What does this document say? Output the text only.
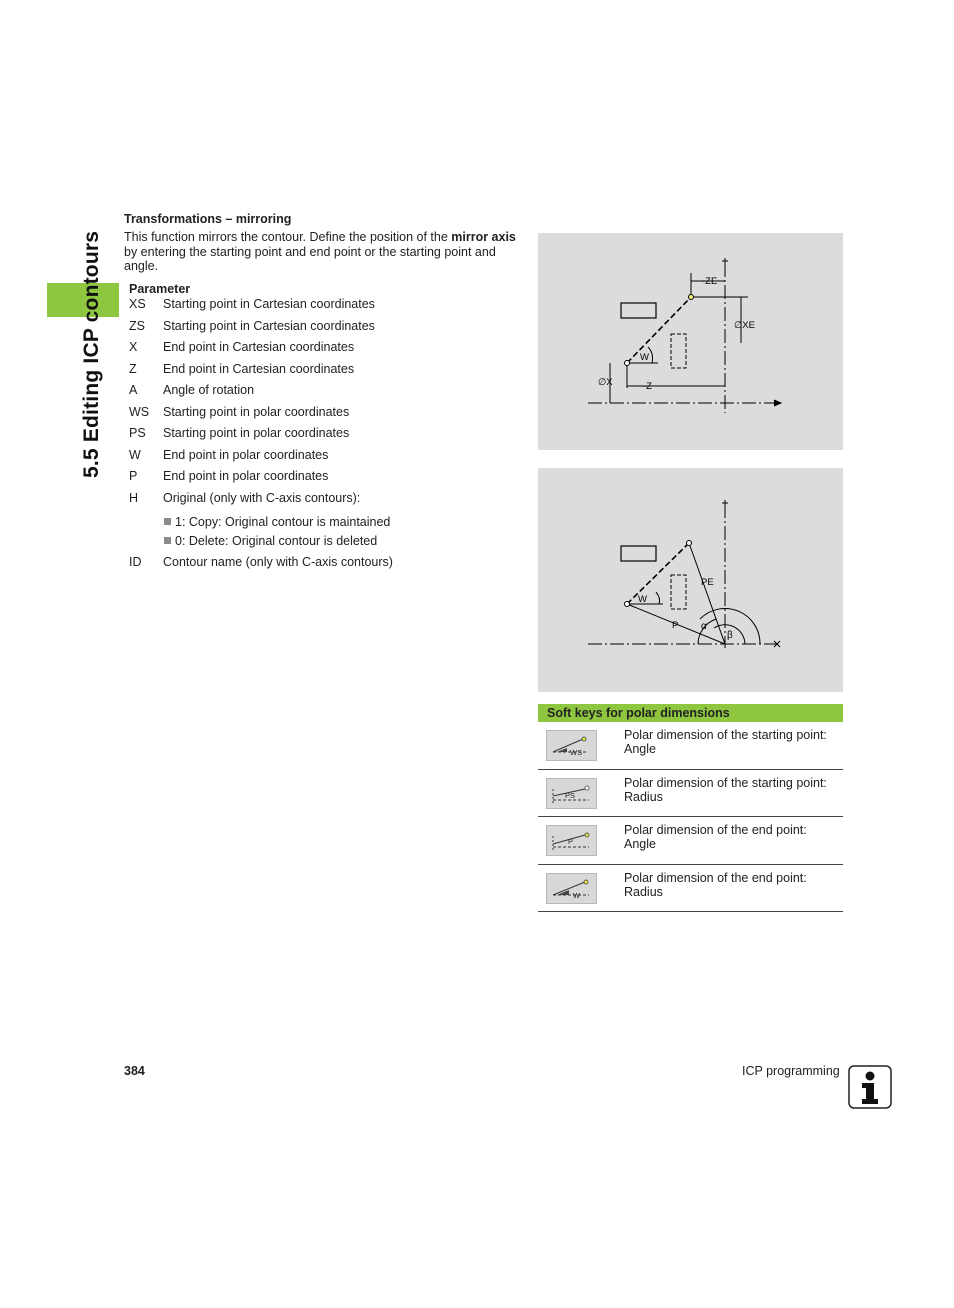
5.5 Editing ICP contours
Transformations – mirroring
This function mirrors the contour. Define the position of the mirror axis by entering the starting point and end point or the starting point and angle.
Parameter
XS Starting point in Cartesian coordinates
ZS Starting point in Cartesian coordinates
X End point in Cartesian coordinates
Z End point in Cartesian coordinates
A Angle of rotation
WS Starting point in polar coordinates
PS Starting point in polar coordinates
W End point in polar coordinates
P End point in polar coordinates
H Original (only with C-axis contours):
1: Copy: Original contour is maintained
0: Delete: Original contour is deleted
ID Contour name (only with C-axis contours)
-ZE
∅XE
W
∅X	-Z
PE
W
P α
β
Soft keys for polar dimensions
WS
Polar dimension of the starting point: Angle
PS
Polar dimension of the starting point: Radius
P
Polar dimension of the end point: Angle
W
Polar dimension of the end point: Radius
384	ICP programming
